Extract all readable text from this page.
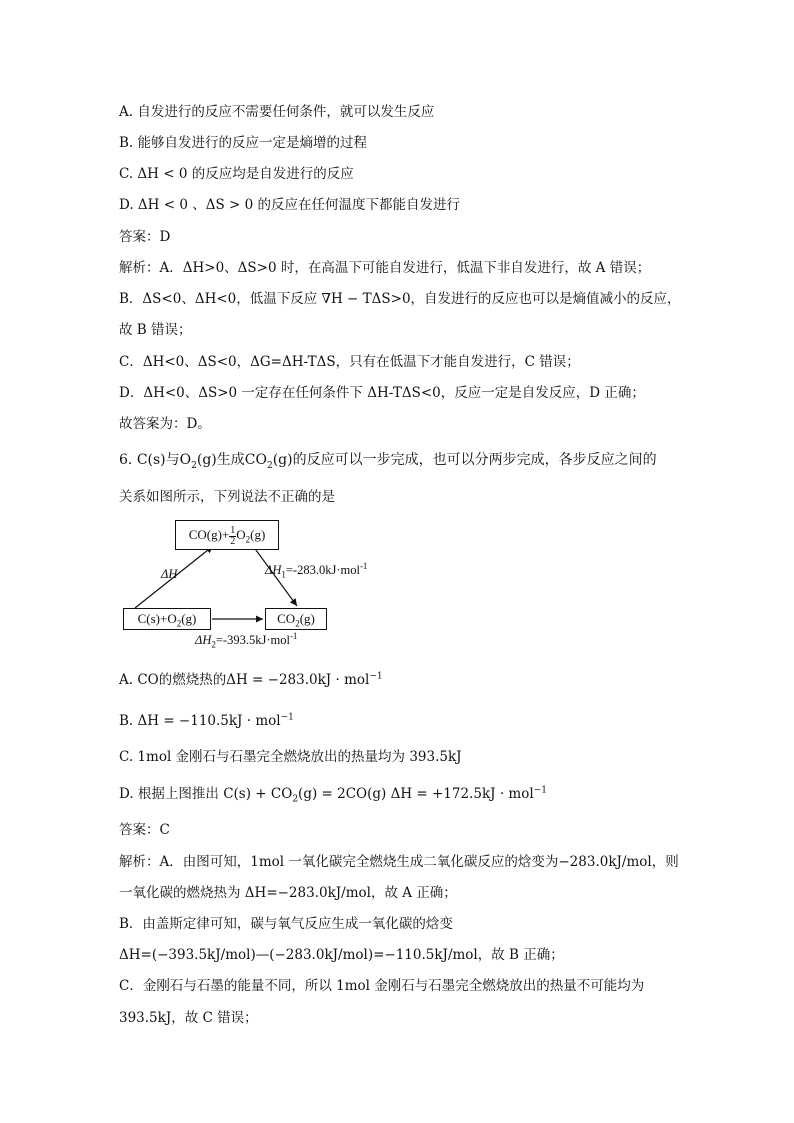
A. 自发进行的反应不需要任何条件，就可以发生反应
B. 能够自发进行的反应一定是熵增的过程
C. ΔH < 0 的反应均是自发进行的反应
D. ΔH < 0 、ΔS > 0 的反应在任何温度下都能自发进行
答案：D
解析：A．ΔH>0、ΔS>0 时，在高温下可能自发进行，低温下非自发进行，故 A 错误；
B．ΔS<0、ΔH<0，低温下反应 ∇H − TΔS>0，自发进行的反应也可以是熵值减小的反应，
故 B 错误；
C．ΔH<0、ΔS<0，ΔG=ΔH-TΔS，只有在低温下才能自发进行，C 错误；
D．ΔH<0、ΔS>0 一定存在任何条件下 ΔH-TΔS<0，反应一定是自发反应，D 正确；
故答案为：D。
6. C(s)与$O_2(g)$生成$CO_2(g)$的反应可以一步完成，也可以分两步完成，各步反应之间的
关系如图所示，下列说法不正确的是
$CO(g)+ \frac{1}{2} O_2(g)$
$C(s)+O_2(g)$	$CO_2(g)$
ΔH	$\Delta H_1=-283.0kJ\cdot mol^{-1}$
$\Delta H_2=-393.5kJ\cdot mol^{-1}$
A. CO的燃烧热的ΔH = −283.0kJ · mol$^{-1}$
B. ΔH = −110.5kJ · mol$^{-1}$
C. 1mol 金刚石与石墨完全燃烧放出的热量均为 393.5kJ
D. 根据上图推出 $C(s) + CO_2(g) = 2CO(g) \Delta H = +172.5kJ \cdot mol^{-1}$
答案：C
解析：A．由图可知，1mol 一氧化碳完全燃烧生成二氧化碳反应的焓变为−283.0kJ/mol，则
一氧化碳的燃烧热为 ΔH=−283.0kJ/mol，故 A 正确；
B．由盖斯定律可知，碳与氧气反应生成一氧化碳的焓变
ΔH=(−393.5kJ/mol)—(−283.0kJ/mol)=−110.5kJ/mol，故 B 正确；
C．金刚石与石墨的能量不同，所以 1mol 金刚石与石墨完全燃烧放出的热量不可能均为
393.5kJ，故 C 错误；
